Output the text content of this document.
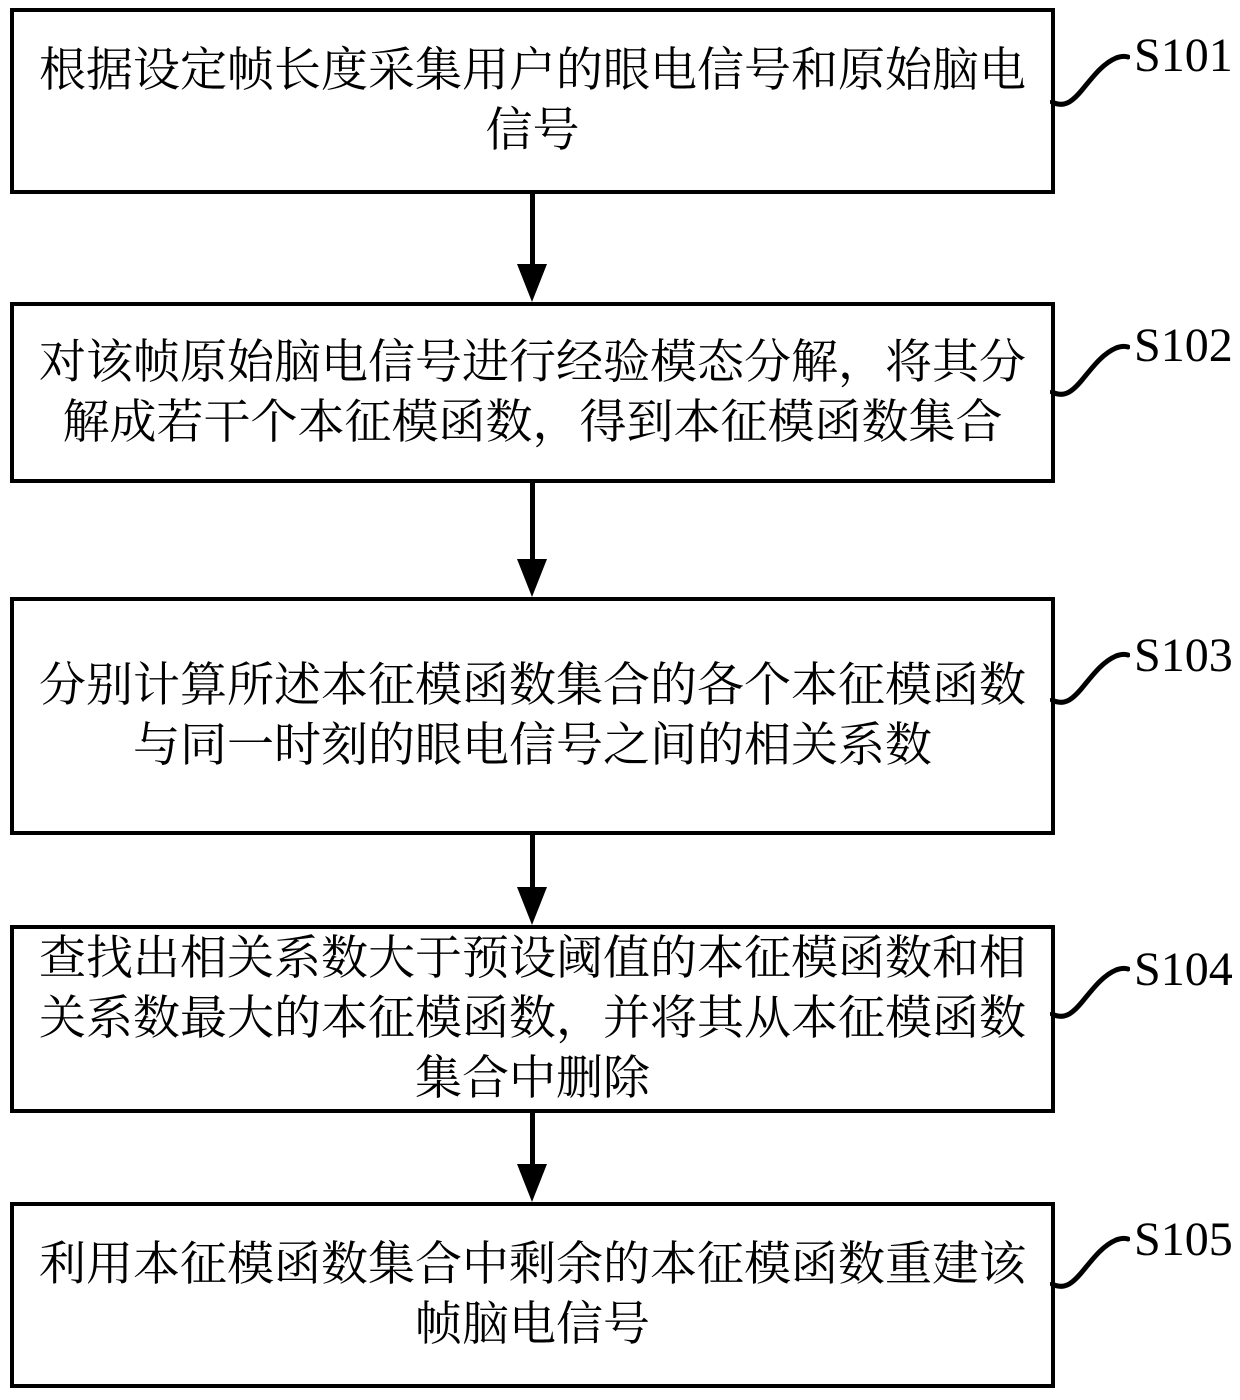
根据设定帧长度采集用户的眼电信号和原始脑电
信号
S101
对该帧原始脑电信号进行经验模态分解，将其分
解成若干个本征模函数，得到本征模函数集合
S102
分别计算所述本征模函数集合的各个本征模函数
与同一时刻的眼电信号之间的相关系数
S103
查找出相关系数大于预设阈值的本征模函数和相
关系数最大的本征模函数，并将其从本征模函数
集合中删除
S104
利用本征模函数集合中剩余的本征模函数重建该
帧脑电信号
S105
